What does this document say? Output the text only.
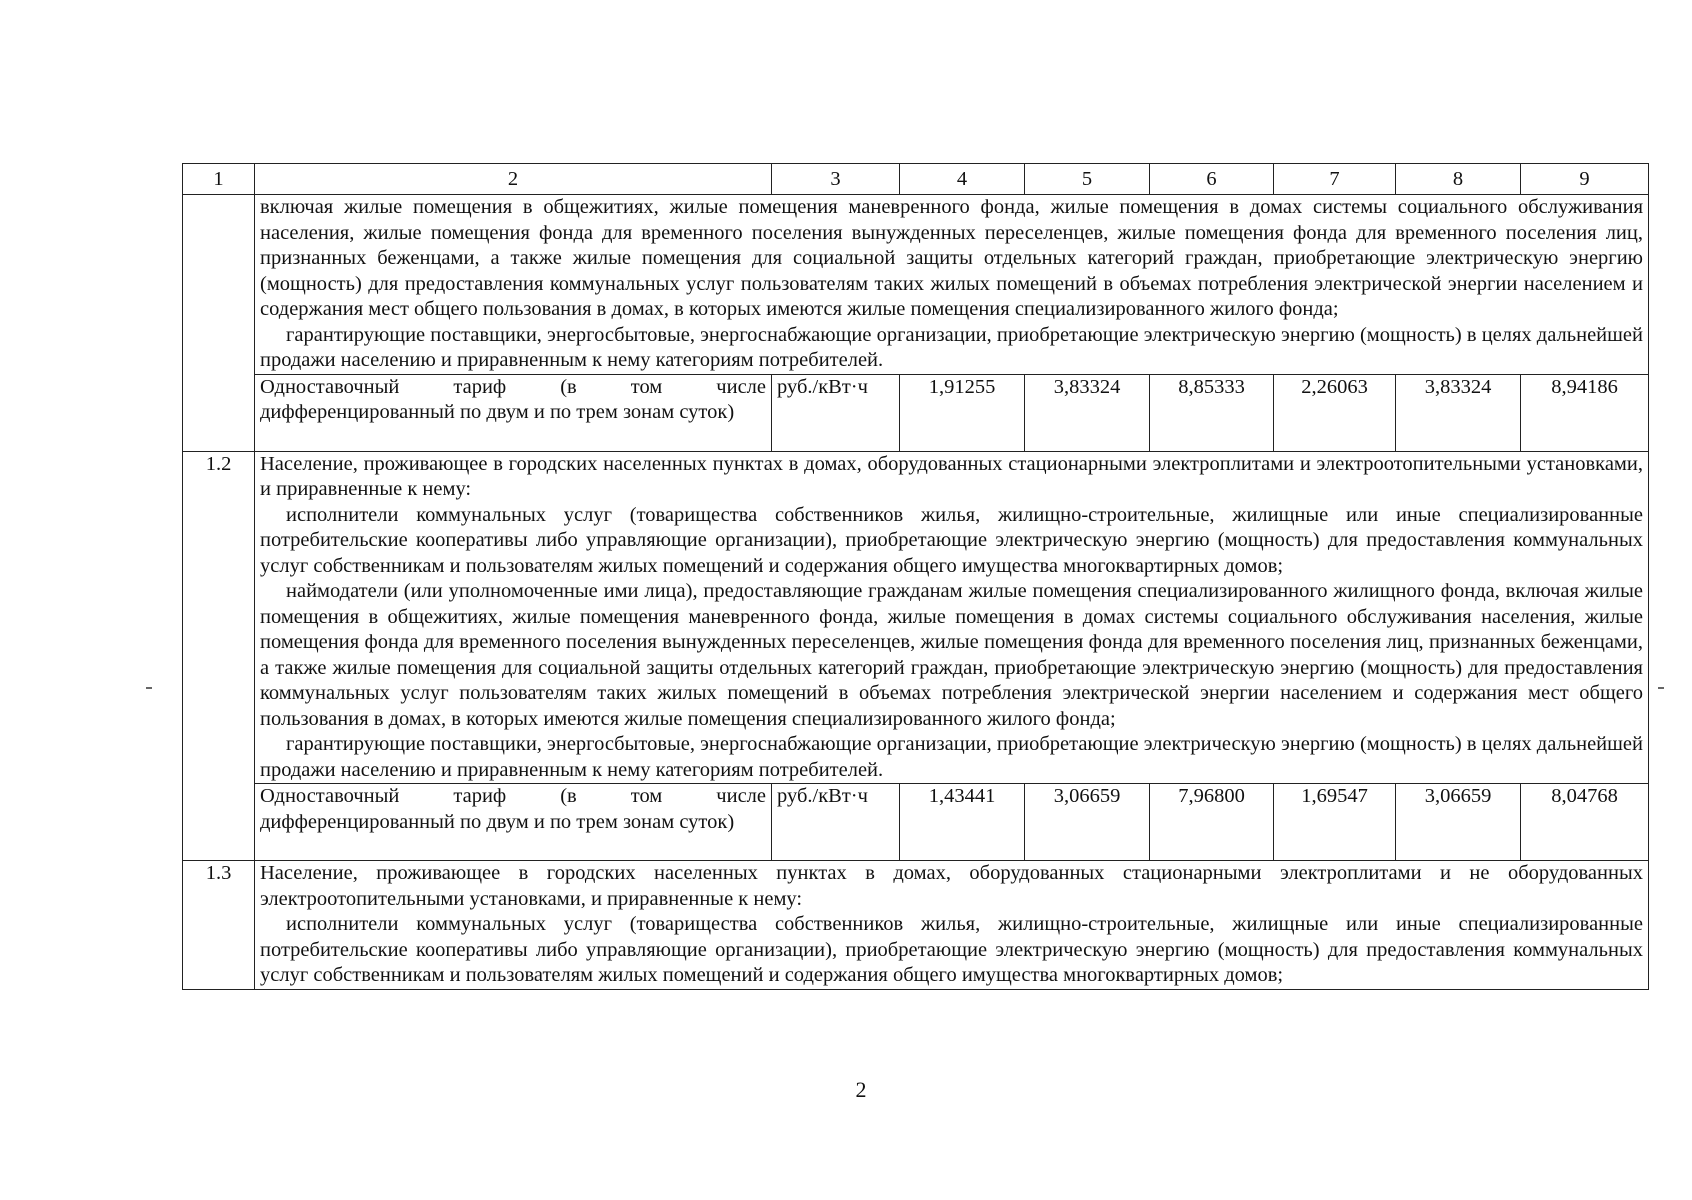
1	2	3	4	5	6	7	8	9

	включая жилые помещения в общежитиях, жилые помещения маневренного фонда, жилые помещения в домах системы социального обслуживания населения, жилые помещения фонда для временного поселения вынужденных переселенцев, жилые помещения фонда для временного поселения лиц, признанных беженцами, а также жилые помещения для социальной защиты отдельных категорий граждан, приобретающие электрическую энергию (мощность) для предоставления коммунальных услуг пользователям таких жилых помещений в объемах потребления электрической энергии населением и содержания мест общего пользования в домах, в которых имеются жилые помещения специализированного жилого фонда;

гарантирующие поставщики, энергосбытовые, энергоснабжающие организации, приобретающие электрическую энергию (мощность) в целях дальнейшей продажи населению и приравненным к нему категориям потребителей.							

	Одноставочный тариф (в том числе дифференцированный по двум и по трем зонам суток)	руб./кВт·ч	1,91255	3,83324	8,85333	2,26063	3,83324	8,94186
1.2	Население, проживающее в городских населенных пунктах в домах, оборудованных стационарными электроплитами и электроотопительными установками, и приравненные к нему:

исполнители коммунальных услуг (товарищества собственников жилья, жилищно-строительные, жилищные или иные специализированные потребительские кооперативы либо управляющие организации), приобретающие электрическую энергию (мощность) для предоставления коммунальных услуг собственникам и пользователям жилых помещений и содержания общего имущества многоквартирных домов;

наймодатели (или уполномоченные ими лица), предоставляющие гражданам жилые помещения специализированного жилищного фонда, включая жилые помещения в общежитиях, жилые помещения маневренного фонда, жилые помещения в домах системы социального обслуживания населения, жилые помещения фонда для временного поселения вынужденных переселенцев, жилые помещения фонда для временного поселения лиц, признанных беженцами, а также жилые помещения для социальной защиты отдельных категорий граждан, приобретающие электрическую энергию (мощность) для предоставления коммунальных услуг пользователям таких жилых помещений в объемах потребления электрической энергии населением и содержания мест общего пользования в домах, в которых имеются жилые помещения специализированного жилого фонда;

гарантирующие поставщики, энергосбытовые, энергоснабжающие организации, приобретающие электрическую энергию (мощность) в целях дальнейшей продажи населению и приравненным к нему категориям потребителей.							

	Одноставочный тариф (в том числе дифференцированный по двум и по трем зонам суток)	руб./кВт·ч	1,43441	3,06659	7,96800	1,69547	3,06659	8,04768
1.3	Население, проживающее в городских населенных пунктах в домах, оборудованных стационарными электроплитами и не оборудованных электроотопительными установками, и приравненные к нему:

исполнители коммунальных услуг (товарищества собственников жилья, жилищно-строительные, жилищные или иные специализированные потребительские кооперативы либо управляющие организации), приобретающие электрическую энергию (мощность) для предоставления коммунальных услуг собственникам и пользователям жилых помещений и содержания общего имущества многоквартирных домов;							

2
